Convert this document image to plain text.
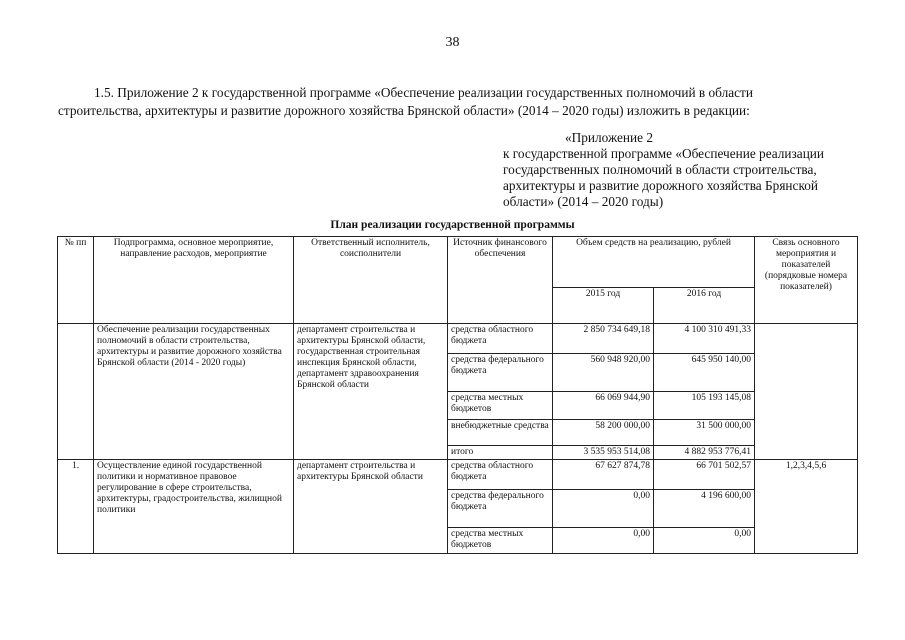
38
1.5. Приложение 2 к государственной программе «Обеспечение реализации государственных полномочий в области
строительства, архитектуры и развитие дорожного хозяйства Брянской области» (2014 – 2020 годы) изложить в редакции:
«Приложение 2
к государственной программе «Обеспечение реализации
государственных полномочий в области строительства,
архитектуры и развитие дорожного хозяйства Брянской
области» (2014 – 2020 годы)
План реализации государственной программы
№ пп	Подпрограмма, основное мероприятие, направление расходов, мероприятие	Ответственный исполнитель, соисполнители	Источник финансового обеспечения	Объем средств на реализацию, рублей		Связь основного мероприятия и показателей (порядковые номера показателей)
				2015 год	2016 год	
	Обеспечение реализации государственных полномочий в области строительства, архитектуры и развитие дорожного хозяйства Брянской области (2014 - 2020 годы)	департамент строительства и архитектуры Брянской области, государственная строительная инспекция Брянской области, департамент здравоохранения Брянской области	средства областного бюджета	2 850 734 649,18	4 100 310 491,33	
			средства федерального бюджета	560 948 920,00	645 950 140,00	
			средства местных бюджетов	66 069 944,90	105 193 145,08	
			внебюджетные средства	58 200 000,00	31 500 000,00	
			итого	3 535 953 514,08	4 882 953 776,41	
1.	Осуществление единой государственной политики и нормативное правовое регулирование в сфере строительства, архитектуры, градостроительства, жилищной политики	департамент строительства и архитектуры Брянской области	средства областного бюджета	67 627 874,78	66 701 502,57	1,2,3,4,5,6
			средства федерального бюджета	0,00	4 196 600,00	
			средства местных бюджетов	0,00	0,00	
